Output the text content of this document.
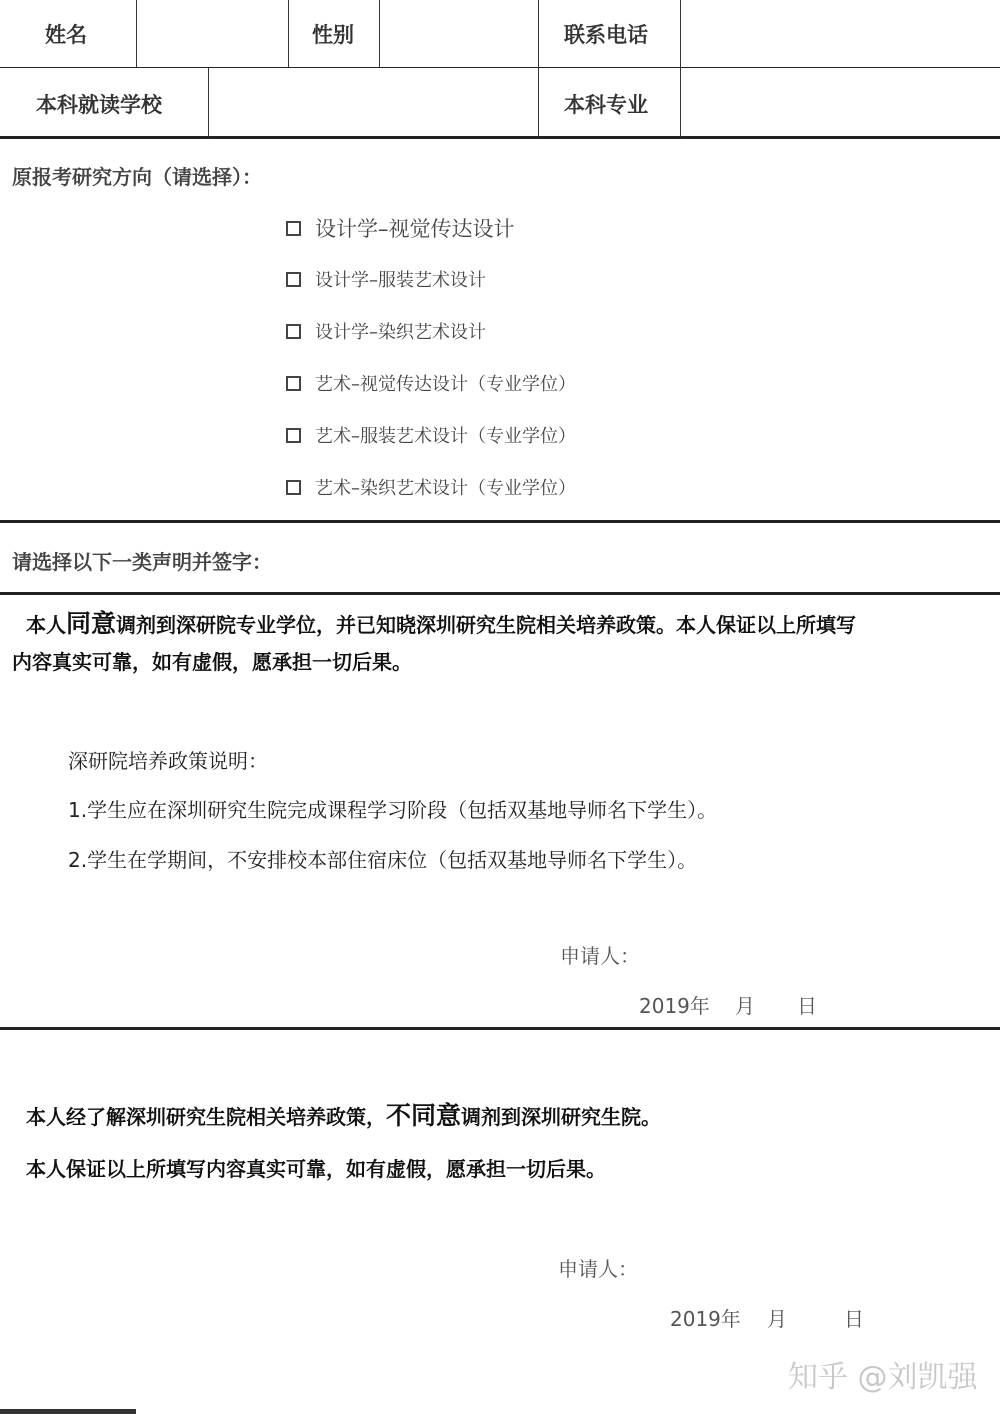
姓名	性别	联系电话
本科就读学校	本科专业
原报考研究方向（请选择）：
设计学–视觉传达设计
设计学–服装艺术设计
设计学–染织艺术设计
艺术–视觉传达设计（专业学位）
艺术–服装艺术设计（专业学位）
艺术–染织艺术设计（专业学位）
请选择以下一类声明并签字：
本人同意调剂到深研院专业学位，并已知晓深圳研究生院相关培养政策。本人保证以上所填写
内容真实可靠，如有虚假，愿承担一切后果。
深研院培养政策说明：
1.学生应在深圳研究生院完成课程学习阶段（包括双基地导师名下学生）。
2.学生在学期间，不安排校本部住宿床位（包括双基地导师名下学生）。
申请人：
2019年 月 日
本人经了解深圳研究生院相关培养政策，不同意调剂到深圳研究生院。
本人保证以上所填写内容真实可靠，如有虚假，愿承担一切后果。
申请人：
2019年 月	日
知乎 @刘凯强
